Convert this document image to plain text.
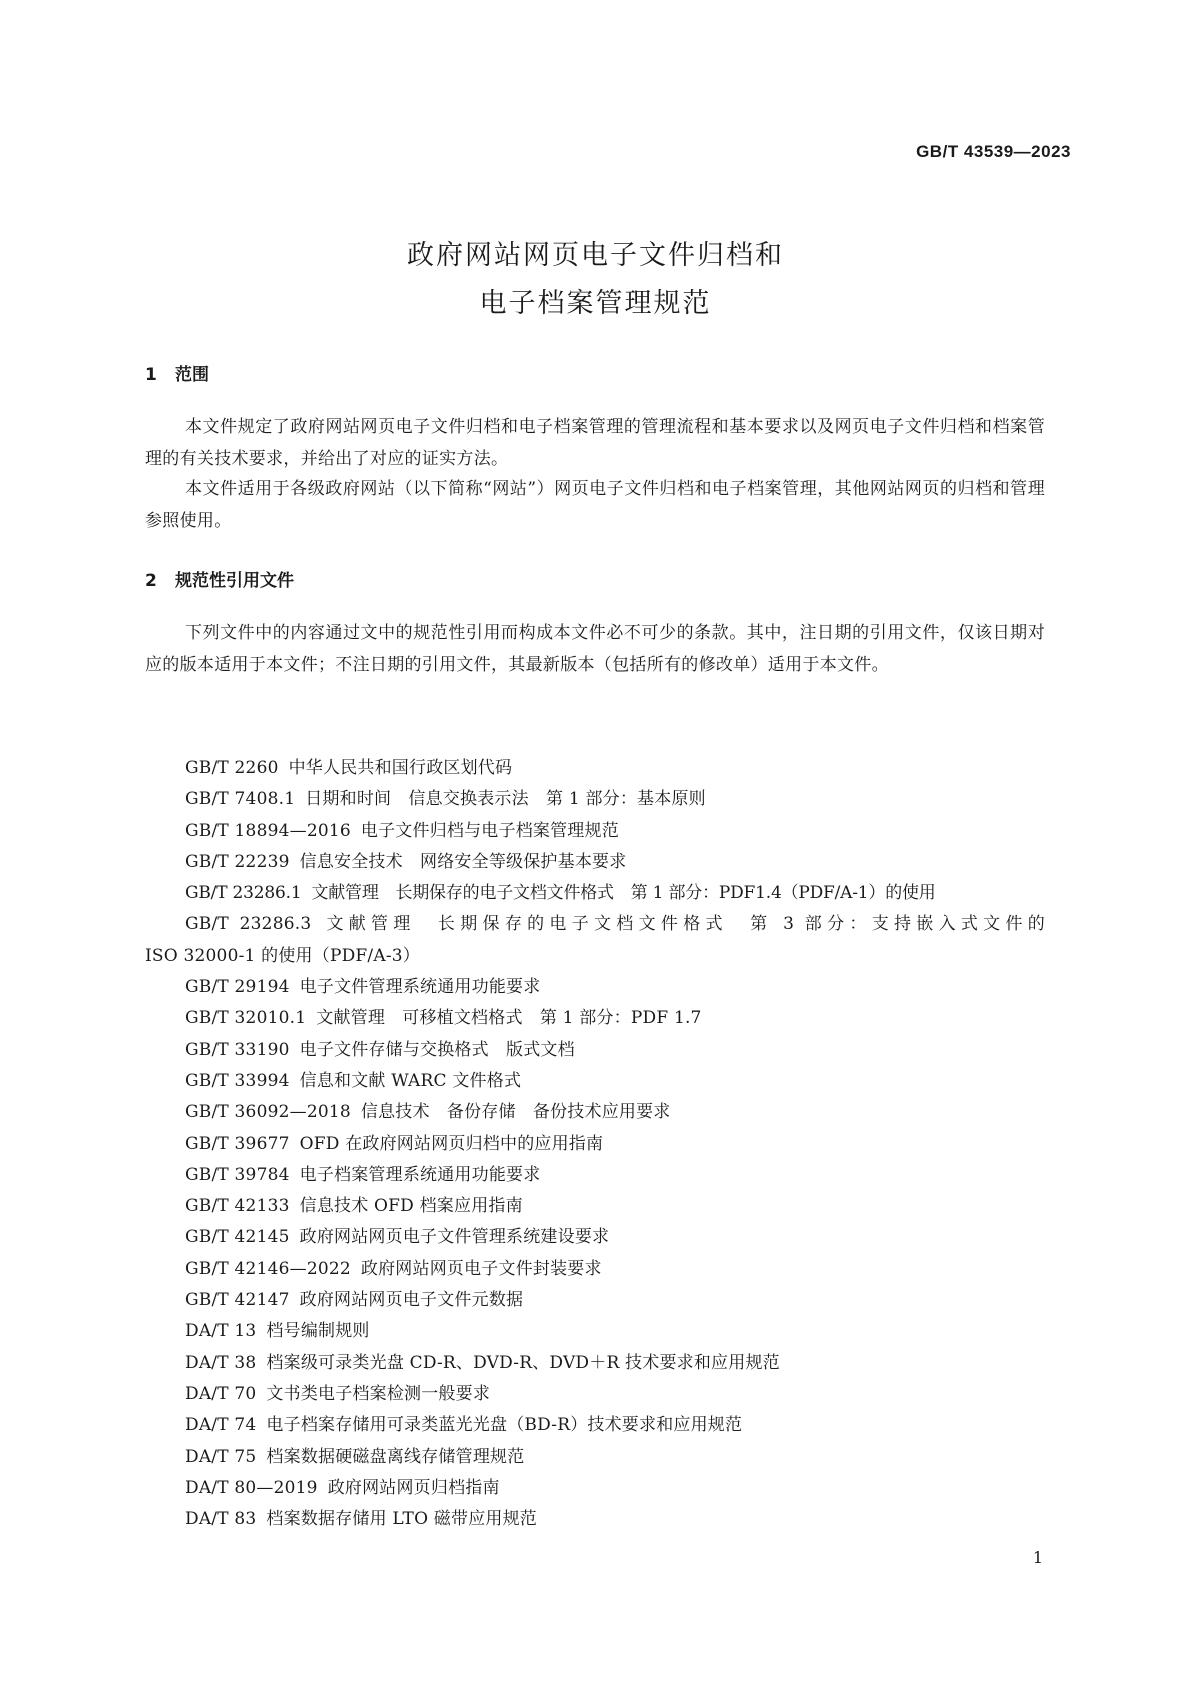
GB/T 43539—2023
政府网站网页电子文件归档和
电子档案管理规范
1 范围

本文件规定了政府网站网页电子文件归档和电子档案管理的管理流程和基本要求以及网页电子文件归档和档案管理的有关技术要求，并给出了对应的证实方法。

本文件适用于各级政府网站（以下简称“网站”）网页电子文件归档和电子档案管理，其他网站网页的归档和管理参照使用。

2 规范性引用文件

下列文件中的内容通过文中的规范性引用而构成本文件必不可少的条款。其中，注日期的引用文件，仅该日期对应的版本适用于本文件；不注日期的引用文件，其最新版本（包括所有的修改单）适用于本文件。

GB/T 2260 中华人民共和国行政区划代码
GB/T 7408.1 日期和时间　信息交换表示法　第 1 部分：基本原则
GB/T 18894—2016 电子文件归档与电子档案管理规范
GB/T 22239 信息安全技术　网络安全等级保护基本要求
GB/T 23286.1 文献管理　长期保存的电子文档文件格式　第 1 部分：PDF1.4（PDF/A-1）的使用
GB/T 23286.3 文献管理　长期保存的电子文档文件格式　第 3 部分：支持嵌入式文件的
ISO 32000-1 的使用（PDF/A-3）
GB/T 29194 电子文件管理系统通用功能要求
GB/T 32010.1 文献管理　可移植文档格式　第 1 部分：PDF 1.7
GB/T 33190 电子文件存储与交换格式　版式文档
GB/T 33994 信息和文献 WARC 文件格式
GB/T 36092—2018 信息技术　备份存储　备份技术应用要求
GB/T 39677 OFD 在政府网站网页归档中的应用指南
GB/T 39784 电子档案管理系统通用功能要求
GB/T 42133 信息技术 OFD 档案应用指南
GB/T 42145 政府网站网页电子文件管理系统建设要求
GB/T 42146—2022 政府网站网页电子文件封装要求
GB/T 42147 政府网站网页电子文件元数据
DA/T 13 档号编制规则
DA/T 38 档案级可录类光盘 CD-R、DVD-R、DVD＋R 技术要求和应用规范
DA/T 70 文书类电子档案检测一般要求
DA/T 74 电子档案存储用可录类蓝光光盘（BD-R）技术要求和应用规范
DA/T 75 档案数据硬磁盘离线存储管理规范
DA/T 80—2019 政府网站网页归档指南
DA/T 83 档案数据存储用 LTO 磁带应用规范
1
